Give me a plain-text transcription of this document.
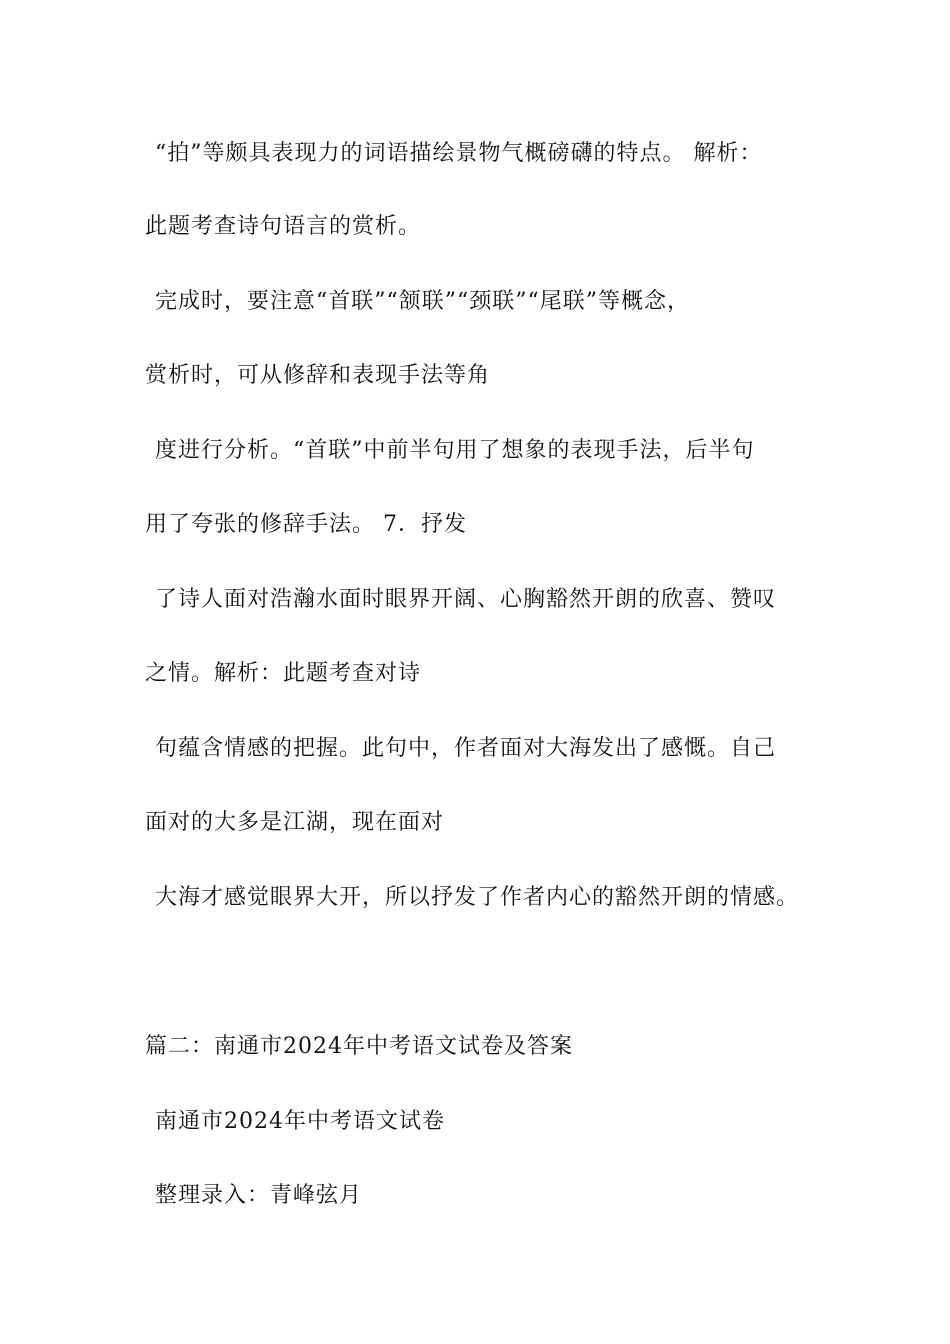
“拍”等颇具表现力的词语描绘景物气概磅礴的特点。 解析：
此题考查诗句语言的赏析。
完成时，要注意“首联”“颔联”“颈联”“尾联”等概念，
赏析时，可从修辞和表现手法等角
度进行分析。“首联”中前半句用了想象的表现手法，后半句
用了夸张的修辞手法。 7．抒发
了诗人面对浩瀚水面时眼界开阔、心胸豁然开朗的欣喜、赞叹
之情。解析：此题考查对诗
句蕴含情感的把握。此句中，作者面对大海发出了感慨。自己
面对的大多是江湖，现在面对
大海才感觉眼界大开，所以抒发了作者内心的豁然开朗的情感。
篇二：南通市2024年中考语文试卷及答案
南通市2024年中考语文试卷
整理录入：青峰弦月
